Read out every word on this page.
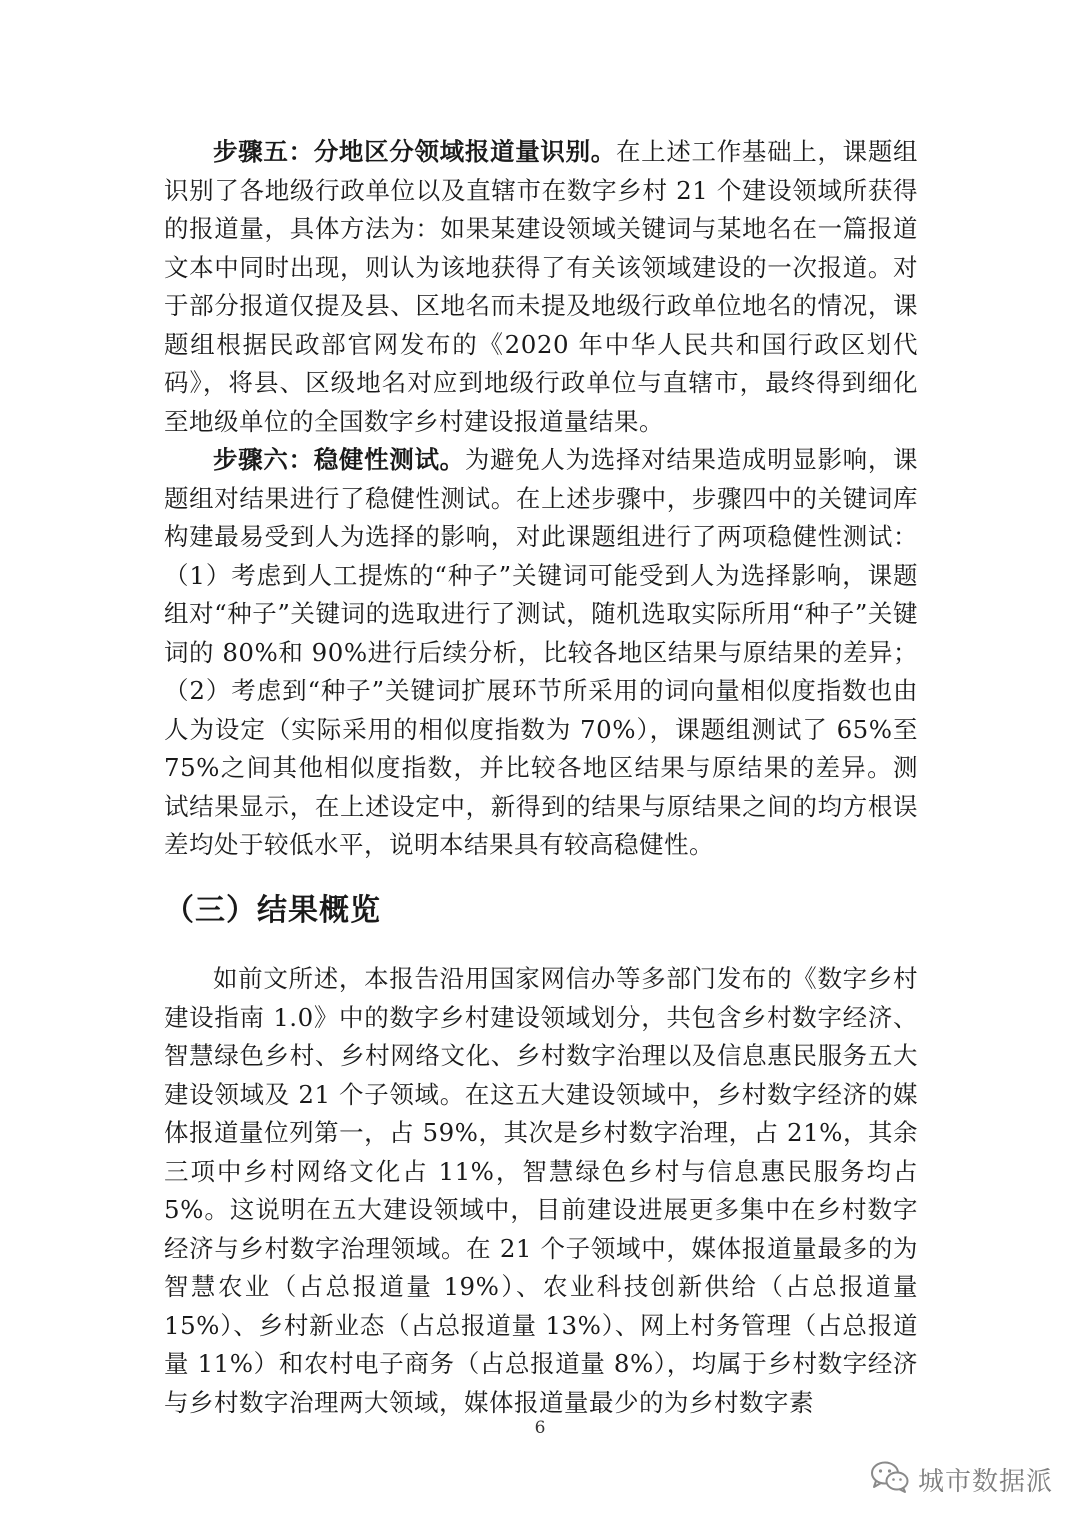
步骤五：分地区分领域报道量识别。在上述工作基础上，课题组识别了各地级行政单位以及直辖市在数字乡村 21 个建设领域所获得的报道量，具体方法为：如果某建设领域关键词与某地名在一篇报道文本中同时出现，则认为该地获得了有关该领域建设的一次报道。对于部分报道仅提及县、区地名而未提及地级行政单位地名的情况，课题组根据民政部官网发布的《2020 年中华人民共和国行政区划代码》，将县、区级地名对应到地级行政单位与直辖市，最终得到细化至地级单位的全国数字乡村建设报道量结果。

步骤六：稳健性测试。为避免人为选择对结果造成明显影响，课题组对结果进行了稳健性测试。在上述步骤中，步骤四中的关键词库构建最易受到人为选择的影响，对此课题组进行了两项稳健性测试：（1）考虑到人工提炼的“种子”关键词可能受到人为选择影响，课题组对“种子”关键词的选取进行了测试，随机选取实际所用“种子”关键词的 80%和 90%进行后续分析，比较各地区结果与原结果的差异；（2）考虑到“种子”关键词扩展环节所采用的词向量相似度指数也由人为设定（实际采用的相似度指数为 70%），课题组测试了 65%至 75%之间其他相似度指数，并比较各地区结果与原结果的差异。测试结果显示，在上述设定中，新得到的结果与原结果之间的均方根误差均处于较低水平，说明本结果具有较高稳健性。

（三）结果概览

如前文所述，本报告沿用国家网信办等多部门发布的《数字乡村建设指南 1.0》中的数字乡村建设领域划分，共包含乡村数字经济、智慧绿色乡村、乡村网络文化、乡村数字治理以及信息惠民服务五大建设领域及 21 个子领域。在这五大建设领域中，乡村数字经济的媒体报道量位列第一，占 59%，其次是乡村数字治理，占 21%，其余三项中乡村网络文化占 11%，智慧绿色乡村与信息惠民服务均占 5%。这说明在五大建设领域中，目前建设进展更多集中在乡村数字经济与乡村数字治理领域。在 21 个子领域中，媒体报道量最多的为智慧农业（占总报道量 19%）、农业科技创新供给（占总报道量 15%）、乡村新业态（占总报道量 13%）、网上村务管理（占总报道量 11%）和农村电子商务（占总报道量 8%），均属于乡村数字经济与乡村数字治理两大领域，媒体报道量最少的为乡村数字素

6
城市数据派
